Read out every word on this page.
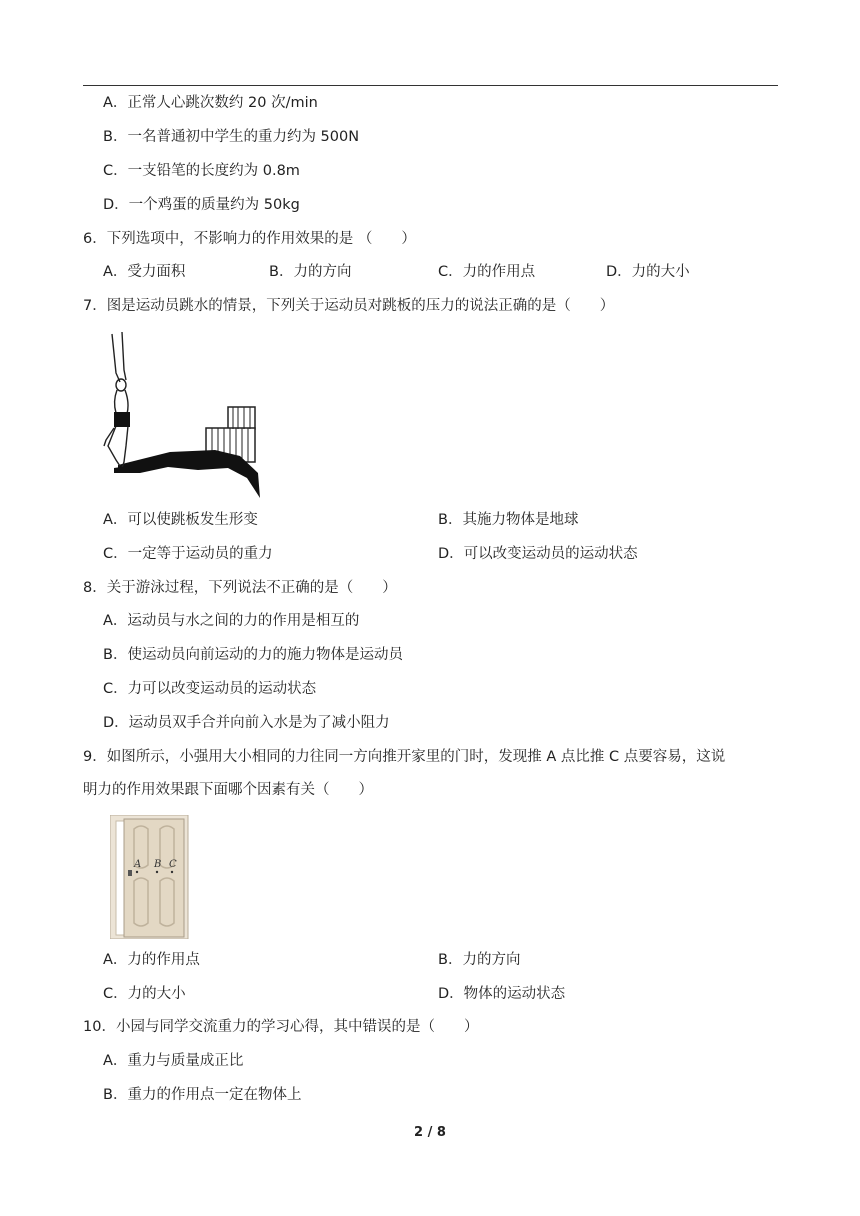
A．正常人心跳次数约 20 次/min
B．一名普通初中学生的重力约为 500N
C．一支铅笔的长度约为 0.8m
D．一个鸡蛋的质量约为 50kg
6．下列选项中，不影响力的作用效果的是 （　　）
A．受力面积	B．力的方向	C．力的作用点	D．力的大小
7．图是运动员跳水的情景，下列关于运动员对跳板的压力的说法正确的是（　　）
A．可以使跳板发生形变	B．其施力物体是地球
C．一定等于运动员的重力	D．可以改变运动员的运动状态
8．关于游泳过程，下列说法不正确的是（　　）
A．运动员与水之间的力的作用是相互的
B．使运动员向前运动的力的施力物体是运动员
C．力可以改变运动员的运动状态
D．运动员双手合并向前入水是为了减小阻力
9．如图所示，小强用大小相同的力往同一方向推开家里的门时，发现推 A 点比推 C 点要容易，这说
明力的作用效果跟下面哪个因素有关（　　）
A B C
A．力的作用点	B．力的方向
C．力的大小	D．物体的运动状态
10．小园与同学交流重力的学习心得，其中错误的是（　　）
A．重力与质量成正比
B．重力的作用点一定在物体上
2 / 8
